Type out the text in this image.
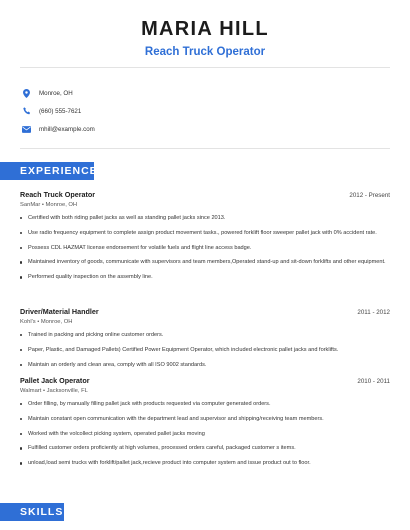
MARIA HILL
Reach Truck Operator
Monroe, OH
(660) 555-7621
mhill@example.com
EXPERIENCE
Reach Truck Operator	2012 - Present
SanMar • Monroe, OH
Certified with both riding pallet jacks as well as standing pallet jacks since 2013.
Use radio frequency equipment to complete assign product movement tasks., powered forklift floor sweeper pallet jack with 0% accident rate.
Possess CDL HAZMAT license endorsement for volatile fuels and flight line access badge.
Maintained inventory of goods, communicate with supervisors and team members,Operated stand-up and sit-down forklifts and other equipment.
Performed quality inspection on the assembly line.
Driver/Material Handler	2011 - 2012
Kohl's • Monroe, OH
Trained in packing and picking online customer orders.
Paper, Plastic, and Damaged Pallets) Certified Power Equipment Operator, which included electronic pallet jacks and forklifts.
Maintain an orderly and clean area, comply with all ISO 9002 standards.
Pallet Jack Operator	2010 - 2011
Walmart • Jacksonville, FL
Order filling, by manually filling pallet jack with products requested via computer generated orders.
Maintain constant open communication with the department lead and supervisor and shipping/receiving team members.
Worked with the volcollect picking system, operated pallet jacks moving
Fulfilled customer orders proficiently at high volumes, processed orders careful, packaged customer s items.
unload,load semi trucks with forklift/pallet jack,recieve product into computer system and issue product out to floor.
SKILLS
